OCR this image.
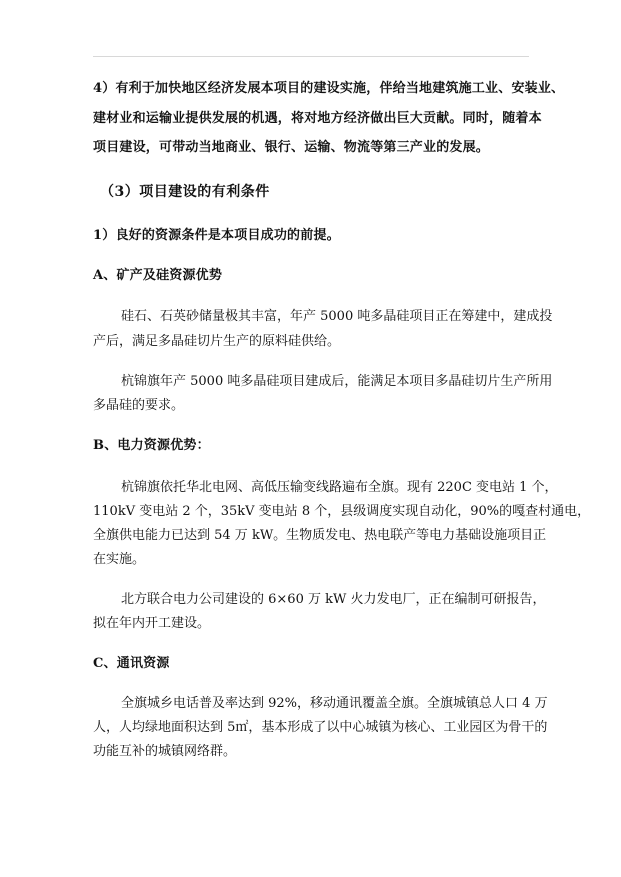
4）有利于加快地区经济发展本项目的建设实施，伴给当地建筑施工业、安装业、
建材业和运输业提供发展的机遇，将对地方经济做出巨大贡献。同时，随着本
项目建设，可带动当地商业、银行、运输、物流等第三产业的发展。
（3）项目建设的有利条件
1）良好的资源条件是本项目成功的前提。
A、矿产及硅资源优势
硅石、石英砂储量极其丰富，年产 5000 吨多晶硅项目正在筹建中，建成投
产后，满足多晶硅切片生产的原料硅供给。
杭锦旗年产 5000 吨多晶硅项目建成后，能满足本项目多晶硅切片生产所用
多晶硅的要求。
B、电力资源优势：
杭锦旗依托华北电网、高低压输变线路遍布全旗。现有 220C 变电站 1 个，
110kV 变电站 2 个，35kV 变电站 8 个，县级调度实现自动化，90%的嘎查村通电，
全旗供电能力已达到 54 万 kW。生物质发电、热电联产等电力基础设施项目正
在实施。
北方联合电力公司建设的 6×60 万 kW 火力发电厂，正在编制可研报告，
拟在年内开工建设。
C、通讯资源
全旗城乡电话普及率达到 92%，移动通讯覆盖全旗。全旗城镇总人口 4 万
人，人均绿地面积达到 5㎡，基本形成了以中心城镇为核心、工业园区为骨干的
功能互补的城镇网络群。
